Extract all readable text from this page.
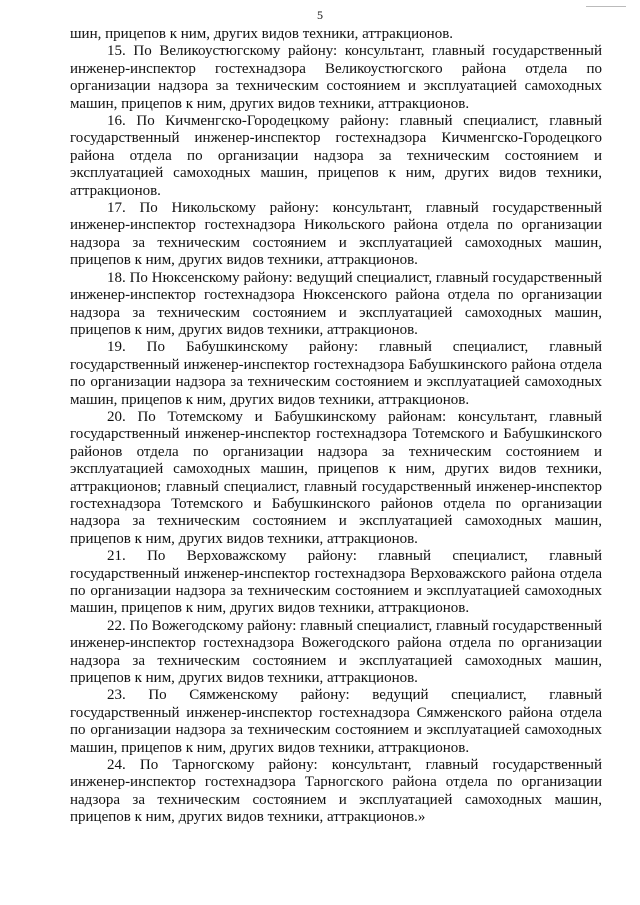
5

шин, прицепов к ним, других видов техники, аттракционов.

15. По Великоустюгскому району: консультант, главный государственный инженер-инспектор гостехнадзора Великоустюгского района отдела по организации надзора за техническим состоянием и эксплуатацией самоходных машин, прицепов к ним, других видов техники, аттракционов.

16. По Кичменгско-Городецкому району: главный специалист, главный государственный инженер-инспектор гостехнадзора Кичменгско-Городецкого района отдела по организации надзора за техническим состоянием и эксплуатацией самоходных машин, прицепов к ним, других видов техники, аттракционов.

17. По Никольскому району: консультант, главный государственный инженер-инспектор гостехнадзора Никольского района отдела по организации надзора за техническим состоянием и эксплуатацией самоходных машин, прицепов к ним, других видов техники, аттракционов.

18. По Нюксенскому району: ведущий специалист, главный государственный инженер-инспектор гостехнадзора Нюксенского района отдела по организации надзора за техническим состоянием и эксплуатацией самоходных машин, прицепов к ним, других видов техники, аттракционов.

19. По Бабушкинскому району: главный специалист, главный государственный инженер-инспектор гостехнадзора Бабушкинского района отдела по организации надзора за техническим состоянием и эксплуатацией самоходных машин, прицепов к ним, других видов техники, аттракционов.

20. По Тотемскому и Бабушкинскому районам: консультант, главный государственный инженер-инспектор гостехнадзора Тотемского и Бабушкинского районов отдела по организации надзора за техническим состоянием и эксплуатацией самоходных машин, прицепов к ним, других видов техники, аттракционов; главный специалист, главный государственный инженер-инспектор гостехнадзора Тотемского и Бабушкинского районов отдела по организации надзора за техническим состоянием и эксплуатацией самоходных машин, прицепов к ним, других видов техники, аттракционов.

21. По Верховажскому району: главный специалист, главный государственный инженер-инспектор гостехнадзора Верховажского района отдела по организации надзора за техническим состоянием и эксплуатацией самоходных машин, прицепов к ним, других видов техники, аттракционов.

22. По Вожегодскому району: главный специалист, главный государственный инженер-инспектор гостехнадзора Вожегодского района отдела по организации надзора за техническим состоянием и эксплуатацией самоходных машин, прицепов к ним, других видов техники, аттракционов.

23. По Сямженскому району: ведущий специалист, главный государственный инженер-инспектор гостехнадзора Сямженского района отдела по организации надзора за техническим состоянием и эксплуатацией самоходных машин, прицепов к ним, других видов техники, аттракционов.

24. По Тарногскому району: консультант, главный государственный инженер-инспектор гостехнадзора Тарногского района отдела по организации надзора за техническим состоянием и эксплуатацией самоходных машин, прицепов к ним, других видов техники, аттракционов.»
